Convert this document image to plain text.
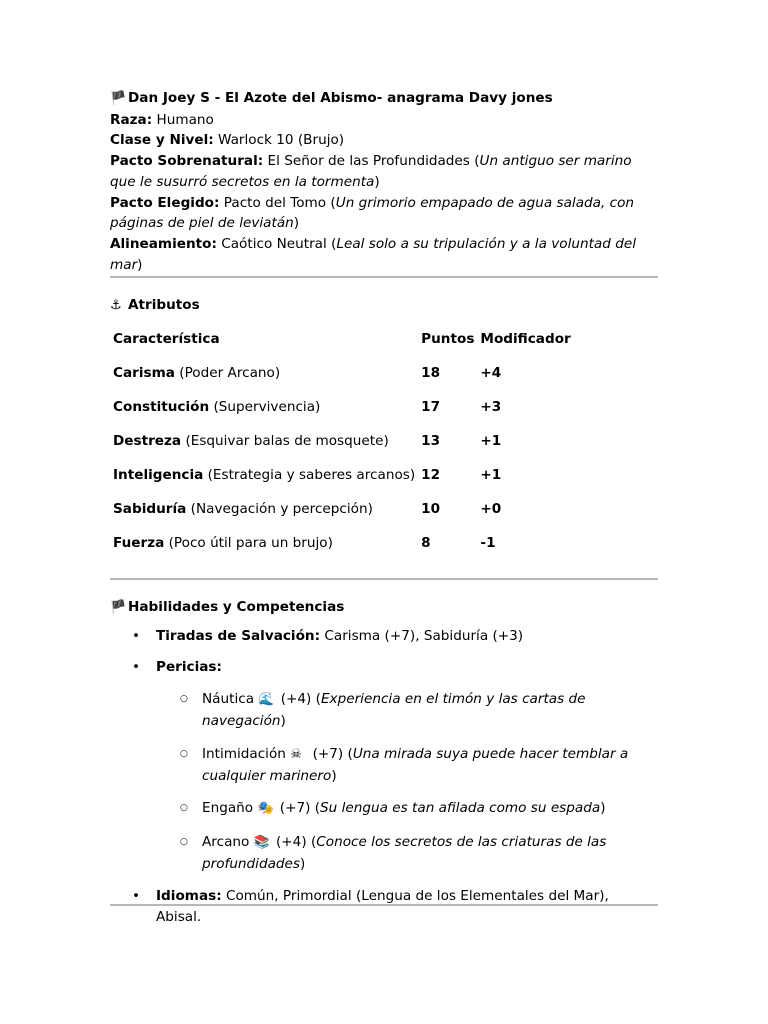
🏴 Dan Joey S - El Azote del Abismo- anagrama Davy jones

Raza: Humano

Clase y Nivel: Warlock 10 (Brujo)

Pacto Sobrenatural: El Señor de las Profundidades (Un antiguo ser marino que le susurró secretos en la tormenta)

Pacto Elegido: Pacto del Tomo (Un grimorio empapado de agua salada, con páginas de piel de leviatán)

Alineamiento: Caótico Neutral (Leal solo a su tripulación y a la voluntad del mar)

⚓ Atributos
Característica	Puntos	Modificador
Carisma (Poder Arcano)	18	+4
Constitución (Supervivencia)	17	+3
Destreza (Esquivar balas de mosquete)	13	+1
Inteligencia (Estrategia y saberes arcanos)	12	+1
Sabiduría (Navegación y percepción)	10	+0
Fuerza (Poco útil para un brujo)	8	-1
🏴 Habilidades y Competencias
• Tiradas de Salvación: Carisma (+7), Sabiduría (+3)
• Pericias:
○ Náutica 🌊 (+4) (Experiencia en el timón y las cartas de navegación)
○ Intimidación ☠ (+7) (Una mirada suya puede hacer temblar a cualquier marinero)
○ Engaño 🎭 (+7) (Su lengua es tan afilada como su espada)
○ Arcano 📚 (+4) (Conoce los secretos de las criaturas de las profundidades)
• Idiomas: Común, Primordial (Lengua de los Elementales del Mar), Abisal.
